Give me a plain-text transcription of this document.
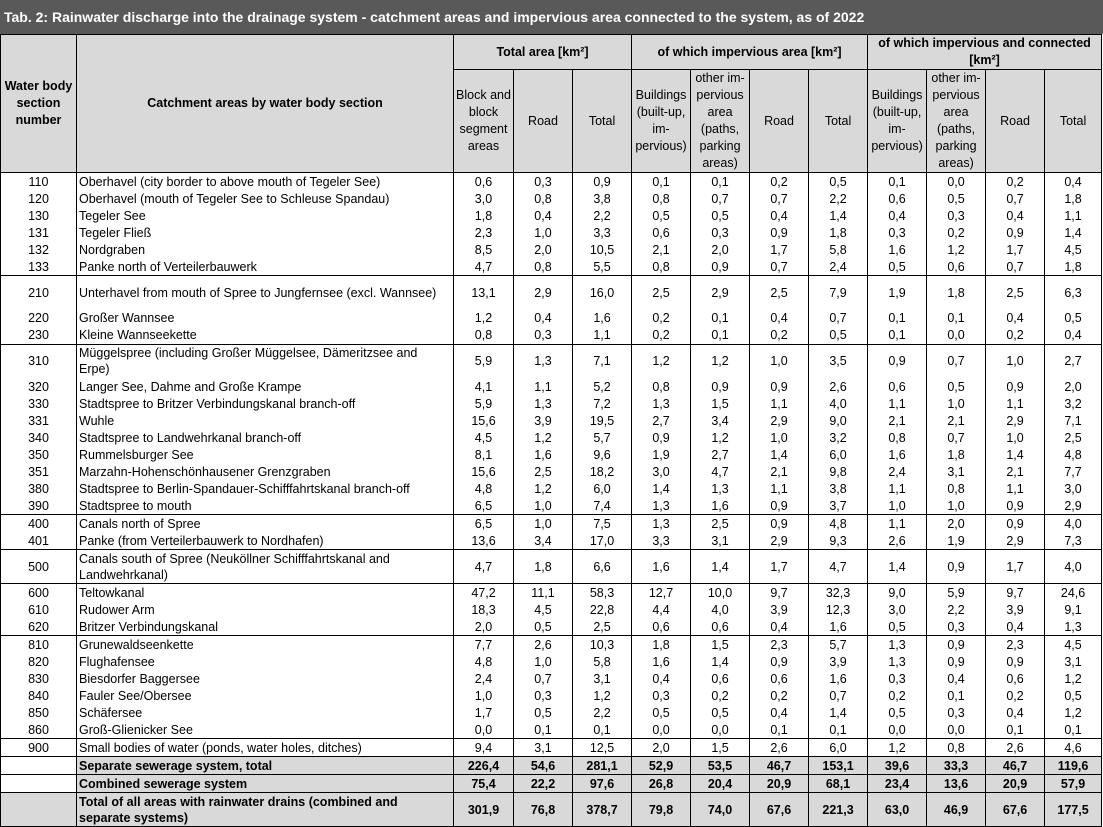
Tab. 2: Rainwater discharge into the drainage system - catchment areas and impervious area connected to the system, as of 2022
Water body section number	Catchment areas by water body section	Total area [km²]			of which impervious area [km²]				of which impervious and connected [km²]			
		Block and block segment areas	Road	Total	Buildings (built-up, im-pervious)	other im-pervious area (paths, parking areas)	Road	Total	Buildings (built-up, im-pervious)	other im-pervious area (paths, parking areas)	Road	Total
110	Oberhavel (city border to above mouth of Tegeler See)	0,6	0,3	0,9	0,1	0,1	0,2	0,5	0,1	0,0	0,2	0,4
120	Oberhavel (mouth of Tegeler See to Schleuse Spandau)	3,0	0,8	3,8	0,8	0,7	0,7	2,2	0,6	0,5	0,7	1,8
130	Tegeler See	1,8	0,4	2,2	0,5	0,5	0,4	1,4	0,4	0,3	0,4	1,1
131	Tegeler Fließ	2,3	1,0	3,3	0,6	0,3	0,9	1,8	0,3	0,2	0,9	1,4
132	Nordgraben	8,5	2,0	10,5	2,1	2,0	1,7	5,8	1,6	1,2	1,7	4,5
133	Panke north of Verteilerbauwerk	4,7	0,8	5,5	0,8	0,9	0,7	2,4	0,5	0,6	0,7	1,8
210	Unterhavel from mouth of Spree to Jungfernsee (excl. Wannsee)	13,1	2,9	16,0	2,5	2,9	2,5	7,9	1,9	1,8	2,5	6,3
220	Großer Wannsee	1,2	0,4	1,6	0,2	0,1	0,4	0,7	0,1	0,1	0,4	0,5
230	Kleine Wannseekette	0,8	0,3	1,1	0,2	0,1	0,2	0,5	0,1	0,0	0,2	0,4
310	Müggelspree (including Großer Müggelsee, Dämeritzsee and Erpe)	5,9	1,3	7,1	1,2	1,2	1,0	3,5	0,9	0,7	1,0	2,7
320	Langer See, Dahme and Große Krampe	4,1	1,1	5,2	0,8	0,9	0,9	2,6	0,6	0,5	0,9	2,0
330	Stadtspree to Britzer Verbindungskanal branch-off	5,9	1,3	7,2	1,3	1,5	1,1	4,0	1,1	1,0	1,1	3,2
331	Wuhle	15,6	3,9	19,5	2,7	3,4	2,9	9,0	2,1	2,1	2,9	7,1
340	Stadtspree to Landwehrkanal branch-off	4,5	1,2	5,7	0,9	1,2	1,0	3,2	0,8	0,7	1,0	2,5
350	Rummelsburger See	8,1	1,6	9,6	1,9	2,7	1,4	6,0	1,6	1,8	1,4	4,8
351	Marzahn-Hohenschönhausener Grenzgraben	15,6	2,5	18,2	3,0	4,7	2,1	9,8	2,4	3,1	2,1	7,7
380	Stadtspree to Berlin-Spandauer-Schifffahrtskanal branch-off	4,8	1,2	6,0	1,4	1,3	1,1	3,8	1,1	0,8	1,1	3,0
390	Stadtspree to mouth	6,5	1,0	7,4	1,3	1,6	0,9	3,7	1,0	1,0	0,9	2,9
400	Canals north of Spree	6,5	1,0	7,5	1,3	2,5	0,9	4,8	1,1	2,0	0,9	4,0
401	Panke (from Verteilerbauwerk to Nordhafen)	13,6	3,4	17,0	3,3	3,1	2,9	9,3	2,6	1,9	2,9	7,3
500	Canals south of Spree (Neuköllner Schifffahrtskanal and Landwehrkanal)	4,7	1,8	6,6	1,6	1,4	1,7	4,7	1,4	0,9	1,7	4,0
600	Teltowkanal	47,2	11,1	58,3	12,7	10,0	9,7	32,3	9,0	5,9	9,7	24,6
610	Rudower Arm	18,3	4,5	22,8	4,4	4,0	3,9	12,3	3,0	2,2	3,9	9,1
620	Britzer Verbindungskanal	2,0	0,5	2,5	0,6	0,6	0,4	1,6	0,5	0,3	0,4	1,3
810	Grunewaldseenkette	7,7	2,6	10,3	1,8	1,5	2,3	5,7	1,3	0,9	2,3	4,5
820	Flughafensee	4,8	1,0	5,8	1,6	1,4	0,9	3,9	1,3	0,9	0,9	3,1
830	Biesdorfer Baggersee	2,4	0,7	3,1	0,4	0,6	0,6	1,6	0,3	0,4	0,6	1,2
840	Fauler See/Obersee	1,0	0,3	1,2	0,3	0,2	0,2	0,7	0,2	0,1	0,2	0,5
850	Schäfersee	1,7	0,5	2,2	0,5	0,5	0,4	1,4	0,5	0,3	0,4	1,2
860	Groß-Glienicker See	0,0	0,1	0,1	0,0	0,0	0,1	0,1	0,0	0,0	0,1	0,1
900	Small bodies of water (ponds, water holes, ditches)	9,4	3,1	12,5	2,0	1,5	2,6	6,0	1,2	0,8	2,6	4,6
	Separate sewerage system, total	226,4	54,6	281,1	52,9	53,5	46,7	153,1	39,6	33,3	46,7	119,6
	Combined sewerage system	75,4	22,2	97,6	26,8	20,4	20,9	68,1	23,4	13,6	20,9	57,9
	Total of all areas with rainwater drains (combined and separate systems)	301,9	76,8	378,7	79,8	74,0	67,6	221,3	63,0	46,9	67,6	177,5
